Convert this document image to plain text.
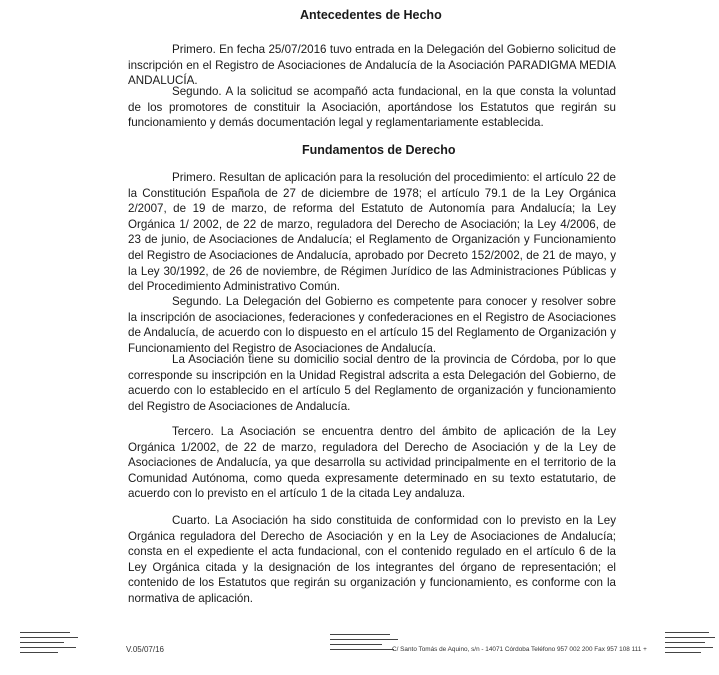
Antecedentes de Hecho
Primero. En fecha 25/07/2016 tuvo entrada en la Delegación del Gobierno solicitud de inscripción en el Registro de Asociaciones de Andalucía de la Asociación PARADIGMA MEDIA ANDALUCÍA.
Segundo. A la solicitud se acompañó acta fundacional, en la que consta la voluntad de los promotores de constituir la Asociación, aportándose los Estatutos que regirán su funcionamiento y demás documentación legal y reglamentariamente establecida.
Fundamentos de Derecho
Primero. Resultan de aplicación para la resolución del procedimiento: el artículo 22 de la Constitución Española de 27 de diciembre de 1978; el artículo 79.1 de la Ley Orgánica 2/2007, de 19 de marzo, de reforma del Estatuto de Autonomía para Andalucía; la Ley Orgánica 1/ 2002, de 22 de marzo, reguladora del Derecho de Asociación; la Ley 4/2006, de 23 de junio, de Asociaciones de Andalucía; el Reglamento de Organización y Funcionamiento del Registro de Asociaciones de Andalucía, aprobado por Decreto 152/2002, de 21 de mayo, y la Ley 30/1992, de 26 de noviembre, de Régimen Jurídico de las Administraciones Públicas y del Procedimiento Administrativo Común.
Segundo. La Delegación del Gobierno es competente para conocer y resolver sobre la inscripción de asociaciones, federaciones y confederaciones en el Registro de Asociaciones de Andalucía, de acuerdo con lo dispuesto en el artículo 15 del Reglamento de Organización y Funcionamiento del Registro de Asociaciones de Andalucía.
La Asociación tiene su domicilio social dentro de la provincia de Córdoba, por lo que corresponde su inscripción en la Unidad Registral adscrita a esta Delegación del Gobierno, de acuerdo con lo establecido en el artículo 5 del Reglamento de organización y funcionamiento del Registro de Asociaciones de Andalucía.
Tercero. La Asociación se encuentra dentro del ámbito de aplicación de la Ley Orgánica 1/2002, de 22 de marzo, reguladora del Derecho de Asociación y de la Ley de Asociaciones de Andalucía, ya que desarrolla su actividad principalmente en el territorio de la Comunidad Autónoma, como queda expresamente determinado en su texto estatutario, de acuerdo con lo previsto en el artículo 1 de la citada Ley andaluza.
Cuarto. La Asociación ha sido constituida de conformidad con lo previsto en la Ley Orgánica reguladora del Derecho de Asociación y en la Ley de Asociaciones de Andalucía; consta en el expediente el acta fundacional, con el contenido regulado en el artículo 6 de la Ley Orgánica citada y la designación de los integrantes del órgano de representación; el contenido de los Estatutos que regirán su organización y funcionamiento, es conforme con la normativa de aplicación.
V.05/07/16	C/ Santo Tomás de Aquino, s/n - 14071 Córdoba Teléfono 957 002 200 Fax 957 108 111 +
